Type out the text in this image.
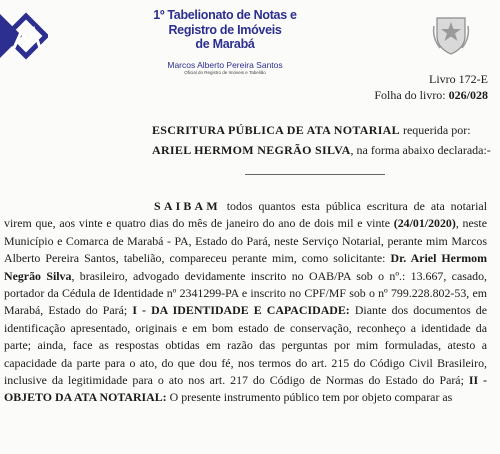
1º Tabelionato de Notas e
Registro de Imóveis
de Marabá
Marcos Alberto Pereira Santos
Oficial do Registro de Imóveis e Tabelião	Livro 172-E
Folha do livro: 026/028
ESCRITURA PÚBLICA DE ATA NOTARIAL requerida por:
ARIEL HERMOM NEGRÃO SILVA, na forma abaixo declarada:-

SAIBAM todos quantos esta pública escritura de ata notarial virem que, aos vinte e quatro dias do mês de janeiro do ano de dois mil e vinte (24/01/2020), neste Município e Comarca de Marabá - PA, Estado do Pará, neste Serviço Notarial, perante mim Marcos Alberto Pereira Santos, tabelião, compareceu perante mim, como solicitante: Dr. Ariel Hermom Negrão Silva, brasileiro, advogado devidamente inscrito no OAB/PA sob o nº.: 13.667, casado, portador da Cédula de Identidade nº 2341299-PA e inscrito no CPF/MF sob o nº 799.228.802-53, em Marabá, Estado do Pará; I - DA IDENTIDADE E CAPACIDADE: Diante dos documentos de identificação apresentado, originais e em bom estado de conservação, reconheço a identidade da parte; ainda, face as respostas obtidas em razão das perguntas por mim formuladas, atesto a capacidade da parte para o ato, do que dou fé, nos termos do art. 215 do Código Civil Brasileiro, inclusive da legitimidade para o ato nos art. 217 do Código de Normas do Estado do Pará; II - OBJETO DA ATA NOTARIAL: O presente instrumento público tem por objeto comparar as
